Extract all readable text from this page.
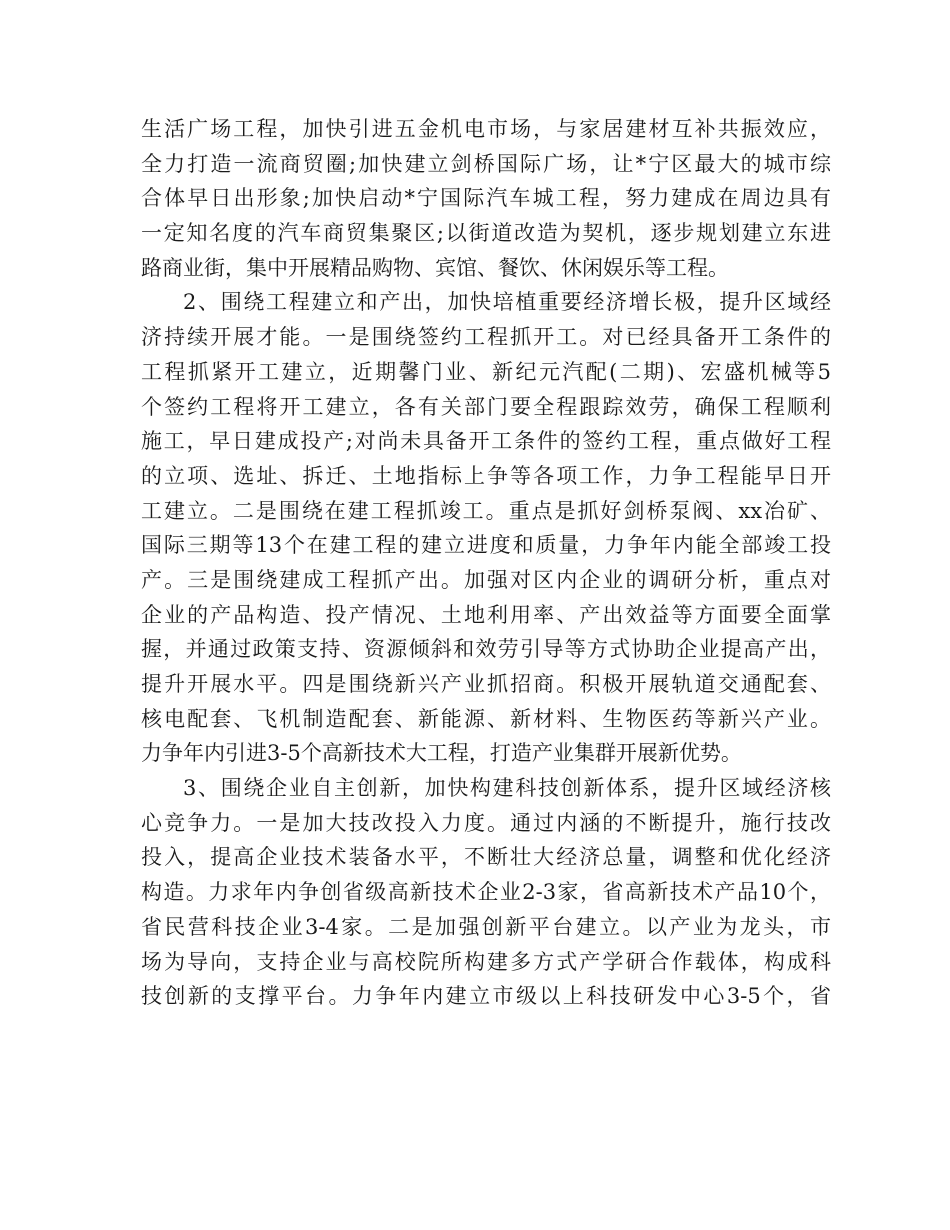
生活广场工程，加快引进五金机电市场，与家居建材互补共振效应，
全力打造一流商贸圈;加快建立剑桥国际广场，让*宁区最大的城市综
合体早日出形象;加快启动*宁国际汽车城工程，努力建成在周边具有
一定知名度的汽车商贸集聚区;以街道改造为契机，逐步规划建立东进
路商业街，集中开展精品购物、宾馆、餐饮、休闲娱乐等工程。
2、围绕工程建立和产出，加快培植重要经济增长极，提升区域经
济持续开展才能。一是围绕签约工程抓开工。对已经具备开工条件的
工程抓紧开工建立，近期馨门业、新纪元汽配(二期)、宏盛机械等5
个签约工程将开工建立，各有关部门要全程跟踪效劳，确保工程顺利
施工，早日建成投产;对尚未具备开工条件的签约工程，重点做好工程
的立项、选址、拆迁、土地指标上争等各项工作，力争工程能早日开
工建立。二是围绕在建工程抓竣工。重点是抓好剑桥泵阀、xx冶矿、
国际三期等13个在建工程的建立进度和质量，力争年内能全部竣工投
产。三是围绕建成工程抓产出。加强对区内企业的调研分析，重点对
企业的产品构造、投产情况、土地利用率、产出效益等方面要全面掌
握，并通过政策支持、资源倾斜和效劳引导等方式协助企业提高产出，
提升开展水平。四是围绕新兴产业抓招商。积极开展轨道交通配套、
核电配套、飞机制造配套、新能源、新材料、生物医药等新兴产业。
力争年内引进3-5个高新技术大工程，打造产业集群开展新优势。
3、围绕企业自主创新，加快构建科技创新体系，提升区域经济核
心竞争力。一是加大技改投入力度。通过内涵的不断提升，施行技改
投入，提高企业技术装备水平，不断壮大经济总量，调整和优化经济
构造。力求年内争创省级高新技术企业2-3家，省高新技术产品10个，
省民营科技企业3-4家。二是加强创新平台建立。以产业为龙头，市
场为导向，支持企业与高校院所构建多方式产学研合作载体，构成科
技创新的支撑平台。力争年内建立市级以上科技研发中心3-5个，省
